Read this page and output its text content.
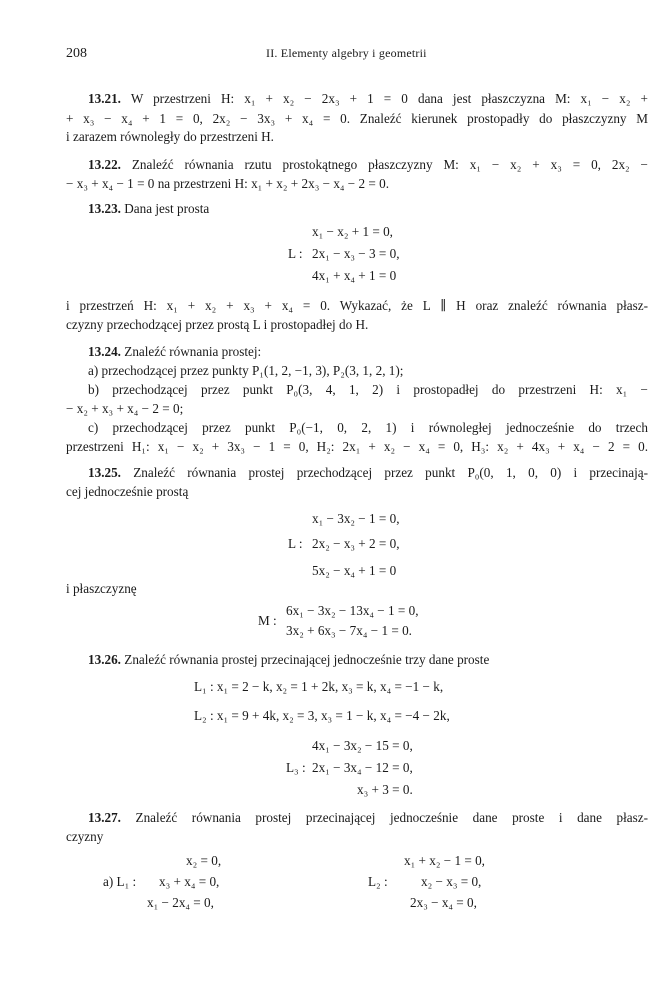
208	II. Elementy algebry i geometrii
13.21. W przestrzeni H: x₁ + x₂ − 2x₃ + 1 = 0 dana jest płaszczyzna M: x₁ − x₂ +
+ x₃ − x₄ + 1 = 0, 2x₂ − 3x₃ + x₄ = 0. Znaleźć kierunek prostopadły do płaszczyzny M
i zarazem równoległy do przestrzeni H.
13.22. Znaleźć równania rzutu prostokątnego płaszczyzny M: x₁ − x₂ + x₃ = 0, 2x₂ −
− x₃ + x₄ − 1 = 0 na przestrzeni H: x₁ + x₂ + 2x₃ − x₄ − 2 = 0.
13.23. Dana jest prosta
x₁ − x₂ + 1 = 0,
L : 2x₁ − x₃ − 3 = 0,
4x₁ + x₄ + 1 = 0
i przestrzeń H: x₁ + x₂ + x₃ + x₄ = 0. Wykazać, że L ∥ H oraz znaleźć równania płasz-
czyzny przechodzącej przez prostą L i prostopadłej do H.
13.24. Znaleźć równania prostej:
a) przechodzącej przez punkty P₁(1, 2, −1, 3), P₂(3, 1, 2, 1);
b) przechodzącej przez punkt P₀(3, 4, 1, 2) i prostopadłej do przestrzeni H: x₁ −
− x₂ + x₃ + x₄ − 2 = 0;
c) przechodzącej przez punkt P₀(−1, 0, 2, 1) i równoległej jednocześnie do trzech
przestrzeni H₁: x₁ − x₂ + 3x₃ − 1 = 0, H₂: 2x₁ + x₂ − x₄ = 0, H₃: x₂ + 4x₃ + x₄ − 2 = 0.
13.25. Znaleźć równania prostej przechodzącej przez punkt P₀(0, 1, 0, 0) i przecinają-
cej jednocześnie prostą
x₁ − 3x₂ − 1 = 0,
L : 2x₂ − x₃ + 2 = 0,
5x₂ − x₄ + 1 = 0
i płaszczyznę
6x₁ − 3x₂ − 13x₄ − 1 = 0,
M :
3x₂ + 6x₃ − 7x₄ − 1 = 0.
13.26. Znaleźć równania prostej przecinającej jednocześnie trzy dane proste
L₁ : x₁ = 2 − k, x₂ = 1 + 2k, x₃ = k, x₄ = −1 − k,
L₂ : x₁ = 9 + 4k, x₂ = 3, x₃ = 1 − k, x₄ = −4 − 2k,
4x₁ − 3x₂ − 15 = 0,
L₃ : 2x₁ − 3x₄ − 12 = 0,
x₃ + 3 = 0.
13.27. Znaleźć równania prostej przecinającej jednocześnie dane proste i dane płasz-
czyzny
x₂ = 0,
a) L₁ : x₃ + x₄ = 0,
x₁ − 2x₄ = 0,
x₁ + x₂ − 1 = 0,
L₂ :	x₂ − x₃ = 0,
2x₃ − x₄ = 0,
